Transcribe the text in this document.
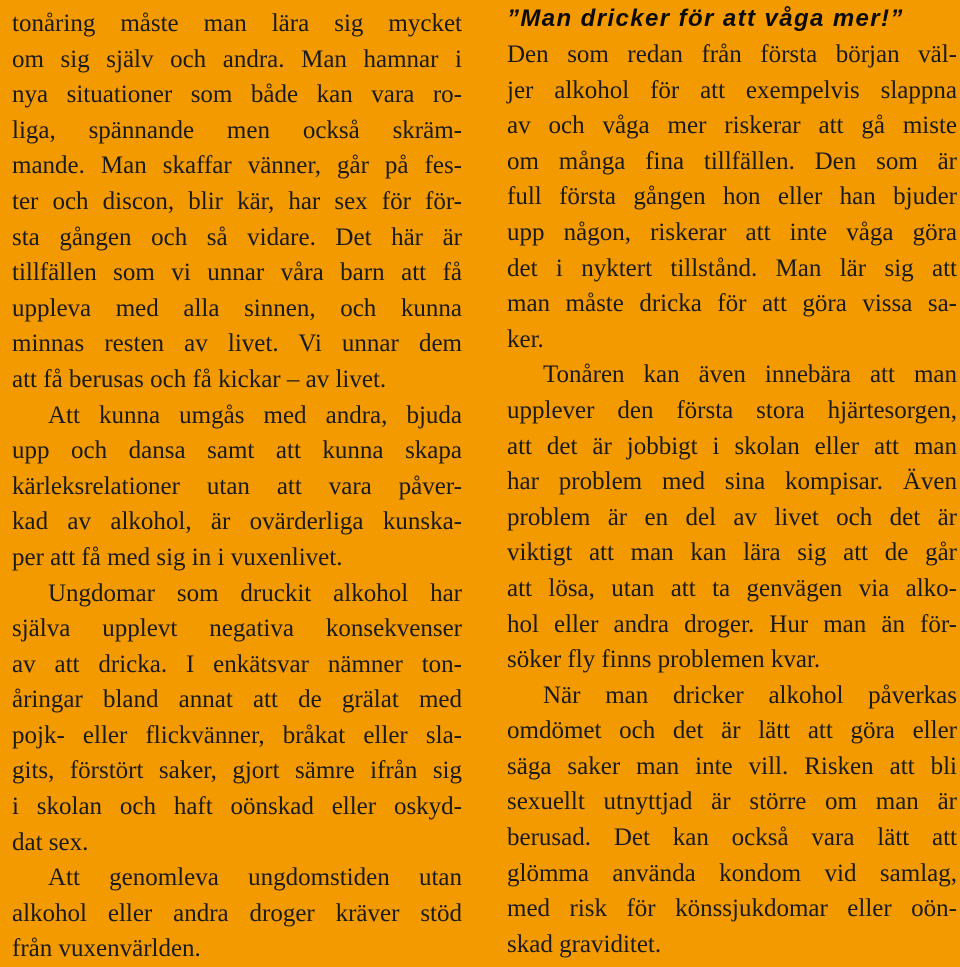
tonåring måste man lära sig mycket
om sig själv och andra. Man hamnar i
nya situationer som både kan vara ro-
liga, spännande men också skräm-
mande. Man skaffar vänner, går på fes-
ter och discon, blir kär, har sex för för-
sta gången och så vidare. Det här är
tillfällen som vi unnar våra barn att få
uppleva med alla sinnen, och kunna
minnas resten av livet. Vi unnar dem
att få berusas och få kickar – av livet.
Att kunna umgås med andra, bjuda
upp och dansa samt att kunna skapa
kärleksrelationer utan att vara påver-
kad av alkohol, är ovärderliga kunska-
per att få med sig in i vuxenlivet.
Ungdomar som druckit alkohol har
själva upplevt negativa konsekvenser
av att dricka. I enkätsvar nämner ton-
åringar bland annat att de grälat med
pojk- eller flickvänner, bråkat eller sla-
gits, förstört saker, gjort sämre ifrån sig
i skolan och haft oönskad eller oskyd-
dat sex.
Att genomleva ungdomstiden utan
alkohol eller andra droger kräver stöd
från vuxenvärlden.
”Man dricker för att våga mer!”
Den som redan från första början väl-
jer alkohol för att exempelvis slappna
av och våga mer riskerar att gå miste
om många fina tillfällen. Den som är
full första gången hon eller han bjuder
upp någon, riskerar att inte våga göra
det i nyktert tillstånd. Man lär sig att
man måste dricka för att göra vissa sa-
ker.
Tonåren kan även innebära att man
upplever den första stora hjärtesorgen,
att det är jobbigt i skolan eller att man
har problem med sina kompisar. Även
problem är en del av livet och det är
viktigt att man kan lära sig att de går
att lösa, utan att ta genvägen via alko-
hol eller andra droger. Hur man än för-
söker fly finns problemen kvar.
När man dricker alkohol påverkas
omdömet och det är lätt att göra eller
säga saker man inte vill. Risken att bli
sexuellt utnyttjad är större om man är
berusad. Det kan också vara lätt att
glömma använda kondom vid samlag,
med risk för könssjukdomar eller oön-
skad graviditet.
